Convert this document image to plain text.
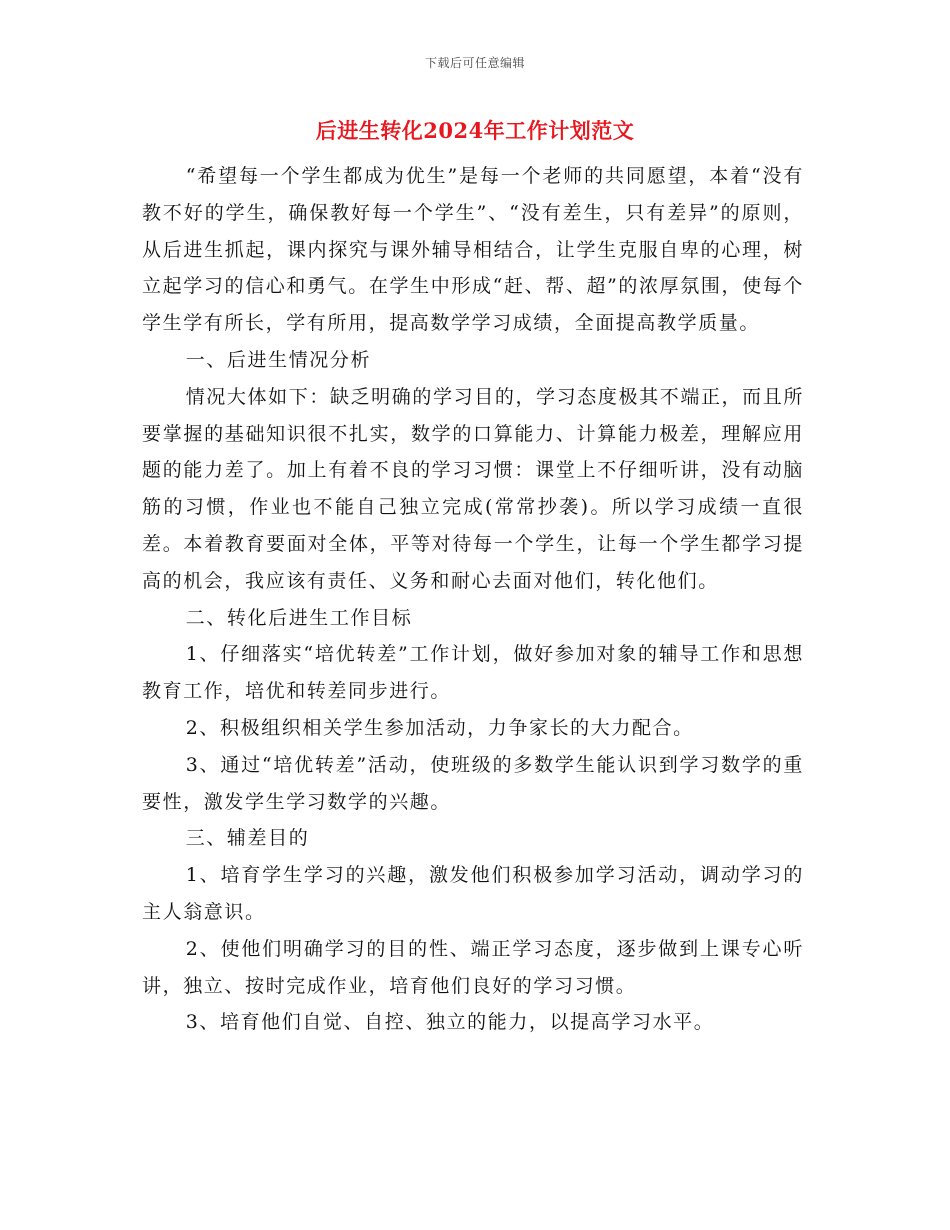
下载后可任意编辑
后进生转化2024年工作计划范文

“希望每一个学生都成为优生”是每一个老师的共同愿望，本着“没有教不好的学生，确保教好每一个学生”、“没有差生，只有差异”的原则，从后进生抓起，课内探究与课外辅导相结合，让学生克服自卑的心理，树立起学习的信心和勇气。在学生中形成“赶、帮、超”的浓厚氛围，使每个学生学有所长，学有所用，提高数学学习成绩，全面提高教学质量。

一、后进生情况分析

情况大体如下：缺乏明确的学习目的，学习态度极其不端正，而且所要掌握的基础知识很不扎实，数学的口算能力、计算能力极差，理解应用题的能力差了。加上有着不良的学习习惯：课堂上不仔细听讲，没有动脑筋的习惯，作业也不能自己独立完成(常常抄袭)。所以学习成绩一直很差。本着教育要面对全体，平等对待每一个学生，让每一个学生都学习提高的机会，我应该有责任、义务和耐心去面对他们，转化他们。

二、转化后进生工作目标

1、仔细落实“培优转差”工作计划，做好参加对象的辅导工作和思想教育工作，培优和转差同步进行。

2、积极组织相关学生参加活动，力争家长的大力配合。

3、通过“培优转差”活动，使班级的多数学生能认识到学习数学的重要性，激发学生学习数学的兴趣。

三、辅差目的

1、培育学生学习的兴趣，激发他们积极参加学习活动，调动学习的主人翁意识。

2、使他们明确学习的目的性、端正学习态度，逐步做到上课专心听讲，独立、按时完成作业，培育他们良好的学习习惯。

3、培育他们自觉、自控、独立的能力，以提高学习水平。
